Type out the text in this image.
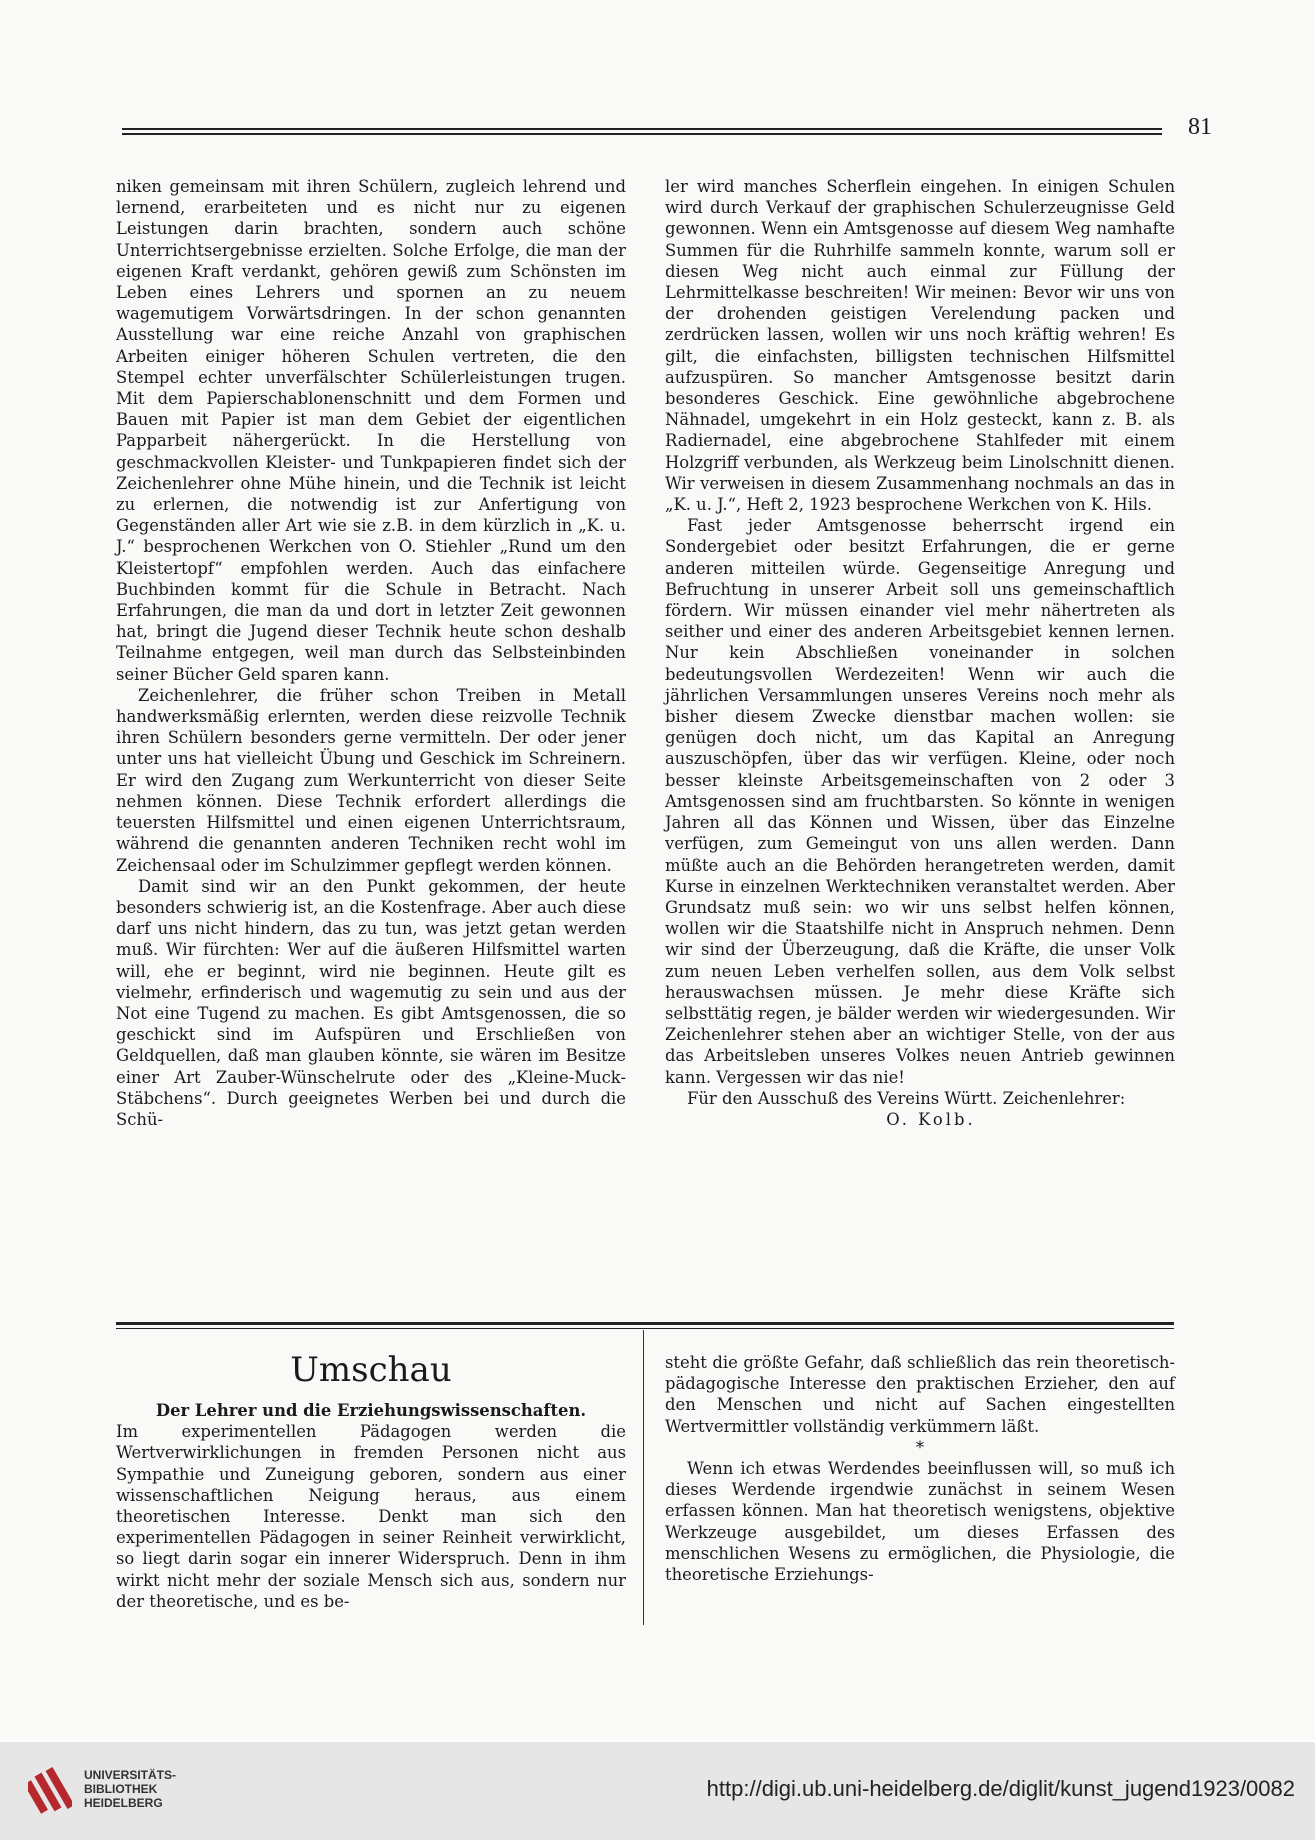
81

niken gemeinsam mit ihren Schülern, zugleich lehrend und lernend, erarbeiteten und es nicht nur zu eigenen Leistungen darin brachten, sondern auch schöne Unterrichtsergebnisse erzielten. Solche Erfolge, die man der eigenen Kraft verdankt, gehören gewiß zum Schönsten im Leben eines Lehrers und spornen an zu neuem wagemutigem Vorwärtsdringen. In der schon genannten Ausstellung war eine reiche Anzahl von graphischen Arbeiten einiger höheren Schulen vertreten, die den Stempel echter unverfälschter Schülerleistungen trugen. Mit dem Papierschablonenschnitt und dem Formen und Bauen mit Papier ist man dem Gebiet der eigentlichen Papparbeit nähergerückt. In die Herstellung von geschmackvollen Kleister- und Tunkpapieren findet sich der Zeichenlehrer ohne Mühe hinein, und die Technik ist leicht zu erlernen, die notwendig ist zur Anfertigung von Gegenständen aller Art wie sie z.B. in dem kürzlich in „K. u. J.“ besprochenen Werkchen von O. Stiehler „Rund um den Kleistertopf“ empfohlen werden. Auch das einfachere Buchbinden kommt für die Schule in Betracht. Nach Erfahrungen, die man da und dort in letzter Zeit gewonnen hat, bringt die Jugend dieser Technik heute schon deshalb Teilnahme entgegen, weil man durch das Selbsteinbinden seiner Bücher Geld sparen kann.

Zeichenlehrer, die früher schon Treiben in Metall handwerksmäßig erlernten, werden diese reizvolle Technik ihren Schülern besonders gerne vermitteln. Der oder jener unter uns hat vielleicht Übung und Geschick im Schreinern. Er wird den Zugang zum Werkunterricht von dieser Seite nehmen können. Diese Technik erfordert allerdings die teuersten Hilfsmittel und einen eigenen Unterrichtsraum, während die genannten anderen Techniken recht wohl im Zeichensaal oder im Schulzimmer gepflegt werden können.

Damit sind wir an den Punkt gekommen, der heute besonders schwierig ist, an die Kostenfrage. Aber auch diese darf uns nicht hindern, das zu tun, was jetzt getan werden muß. Wir fürchten: Wer auf die äußeren Hilfsmittel warten will, ehe er beginnt, wird nie beginnen. Heute gilt es vielmehr, erfinderisch und wagemutig zu sein und aus der Not eine Tugend zu machen. Es gibt Amtsgenossen, die so geschickt sind im Aufspüren und Erschließen von Geldquellen, daß man glauben könnte, sie wären im Besitze einer Art Zauber-Wünschelrute oder des „Kleine-Muck-Stäbchens“. Durch geeignetes Werben bei und durch die Schü-

ler wird manches Scherflein eingehen. In einigen Schulen wird durch Verkauf der graphischen Schulerzeugnisse Geld gewonnen. Wenn ein Amtsgenosse auf diesem Weg namhafte Summen für die Ruhrhilfe sammeln konnte, warum soll er diesen Weg nicht auch einmal zur Füllung der Lehrmittelkasse beschreiten! Wir meinen: Bevor wir uns von der drohenden geistigen Verelendung packen und zerdrücken lassen, wollen wir uns noch kräftig wehren! Es gilt, die einfachsten, billigsten technischen Hilfsmittel aufzuspüren. So mancher Amtsgenosse besitzt darin besonderes Geschick. Eine gewöhnliche abgebrochene Nähnadel, umgekehrt in ein Holz gesteckt, kann z. B. als Radiernadel, eine abgebrochene Stahlfeder mit einem Holzgriff verbunden, als Werkzeug beim Linolschnitt dienen. Wir verweisen in diesem Zusammenhang nochmals an das in „K. u. J.“, Heft 2, 1923 besprochene Werkchen von K. Hils.

Fast jeder Amtsgenosse beherrscht irgend ein Sondergebiet oder besitzt Erfahrungen, die er gerne anderen mitteilen würde. Gegenseitige Anregung und Befruchtung in unserer Arbeit soll uns gemeinschaftlich fördern. Wir müssen einander viel mehr nähertreten als seither und einer des anderen Arbeitsgebiet kennen lernen. Nur kein Abschließen voneinander in solchen bedeutungsvollen Werdezeiten! Wenn wir auch die jährlichen Versammlungen unseres Vereins noch mehr als bisher diesem Zwecke dienstbar machen wollen: sie genügen doch nicht, um das Kapital an Anregung auszuschöpfen, über das wir verfügen. Kleine, oder noch besser kleinste Arbeitsgemeinschaften von 2 oder 3 Amtsgenossen sind am fruchtbarsten. So könnte in wenigen Jahren all das Können und Wissen, über das Einzelne verfügen, zum Gemeingut von uns allen werden. Dann müßte auch an die Behörden herangetreten werden, damit Kurse in einzelnen Werktechniken veranstaltet werden. Aber Grundsatz muß sein: wo wir uns selbst helfen können, wollen wir die Staatshilfe nicht in Anspruch nehmen. Denn wir sind der Überzeugung, daß die Kräfte, die unser Volk zum neuen Leben verhelfen sollen, aus dem Volk selbst herauswachsen müssen. Je mehr diese Kräfte sich selbsttätig regen, je bälder werden wir wiedergesunden. Wir Zeichenlehrer stehen aber an wichtiger Stelle, von der aus das Arbeitsleben unseres Volkes neuen Antrieb gewinnen kann. Vergessen wir das nie!

Für den Ausschuß des Vereins Württ. Zeichenlehrer:
O. Kolb.

Umschau

Der Lehrer und die Erziehungswissenschaften.

Im experimentellen Pädagogen werden die Wertverwirklichungen in fremden Personen nicht aus Sympathie und Zuneigung geboren, sondern aus einer wissenschaftlichen Neigung heraus, aus einem theoretischen Interesse. Denkt man sich den experimentellen Pädagogen in seiner Reinheit verwirklicht, so liegt darin sogar ein innerer Widerspruch. Denn in ihm wirkt nicht mehr der soziale Mensch sich aus, sondern nur der theoretische, und es be-

steht die größte Gefahr, daß schließlich das rein theoretisch-pädagogische Interesse den praktischen Erzieher, den auf den Menschen und nicht auf Sachen eingestellten Wertvermittler vollständig verkümmern läßt.

*

Wenn ich etwas Werdendes beeinflussen will, so muß ich dieses Werdende irgendwie zunächst in seinem Wesen erfassen können. Man hat theoretisch wenigstens, objektive Werkzeuge ausgebildet, um dieses Erfassen des menschlichen Wesens zu ermöglichen, die Physiologie, die theoretische Erziehungs-

UNIVERSITÄTS-
BIBLIOTHEK
HEIDELBERG
http://digi.ub.uni-heidelberg.de/diglit/kunst_jugend1923/0082
